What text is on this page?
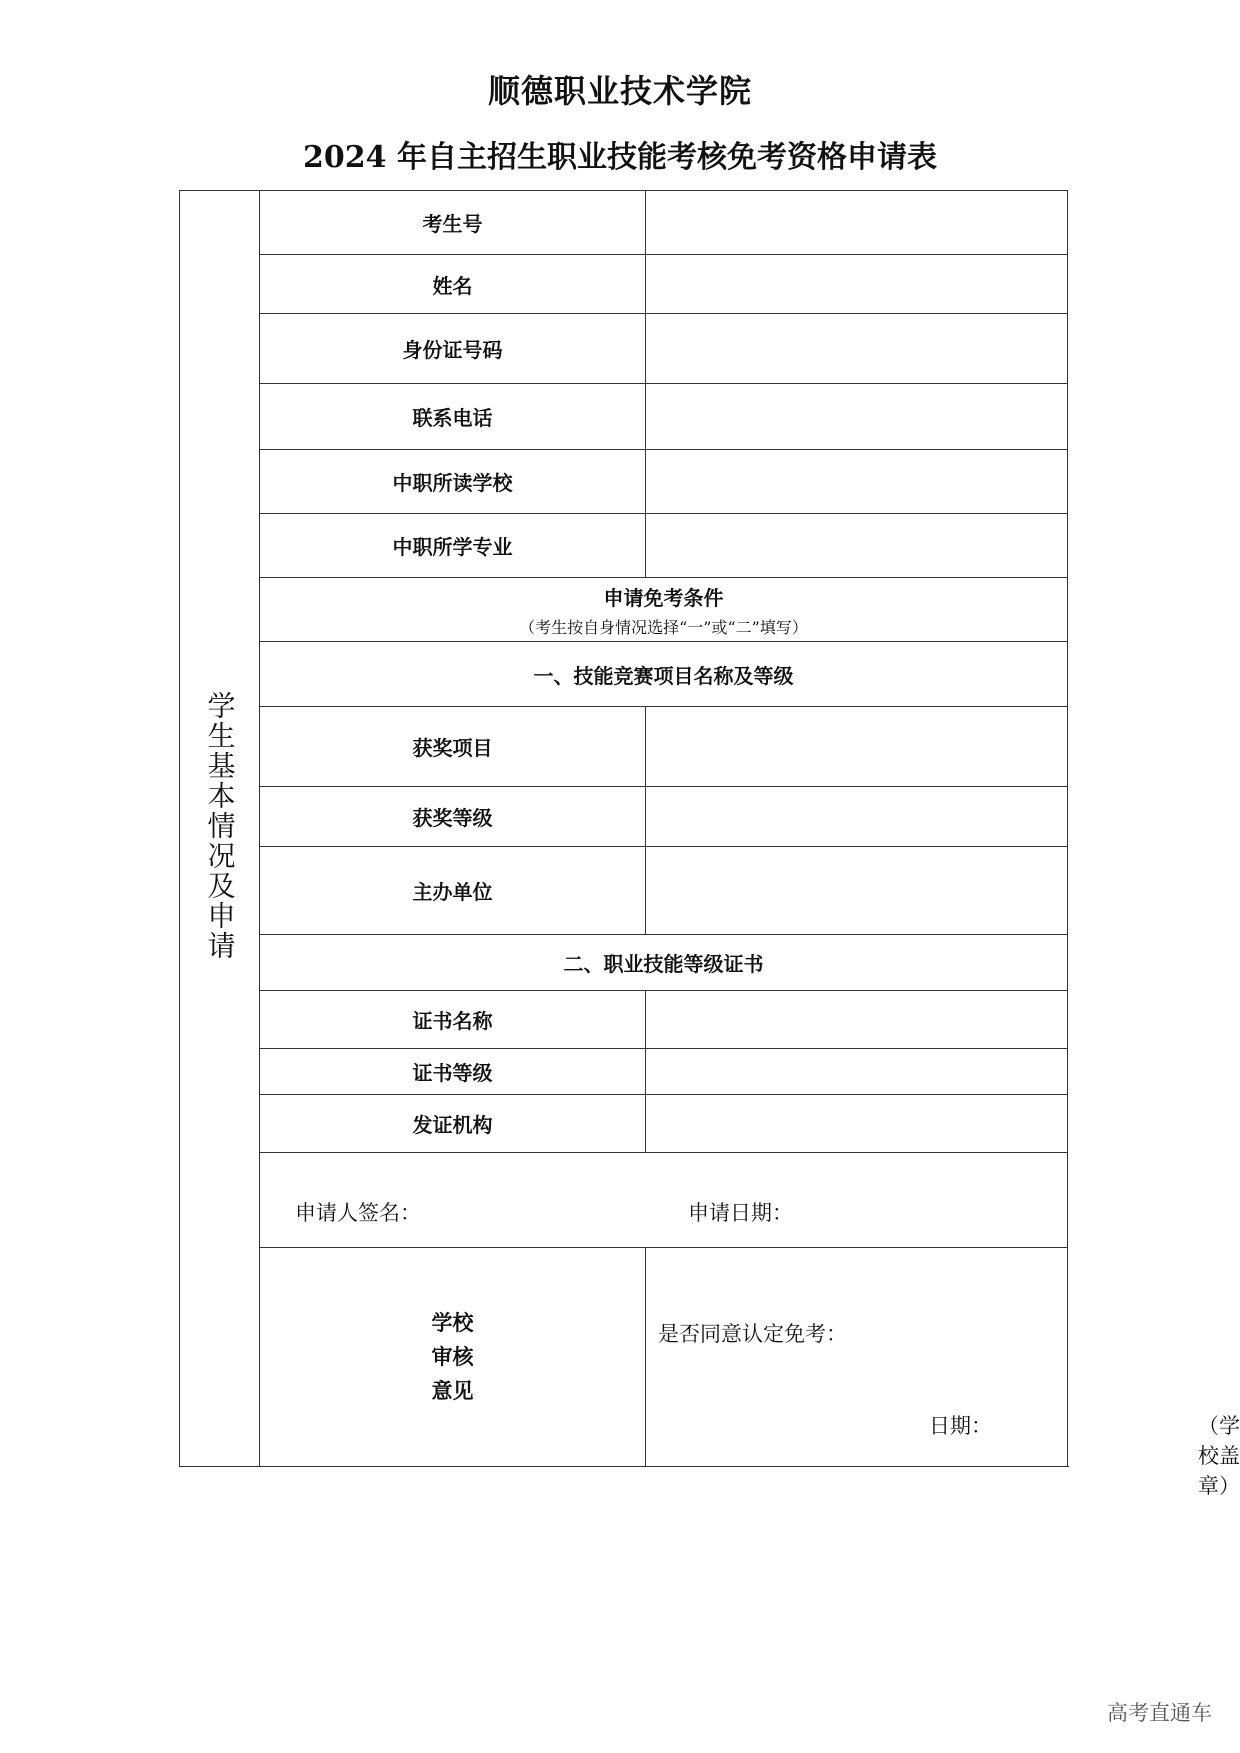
顺德职业技术学院
2024 年自主招生职业技能考核免考资格申请表
学生基本情况及申请	考生号	
	姓名	
	身份证号码	
	联系电话	
	中职所读学校	
	中职所学专业	
	申请免考条件
（考生按自身情况选择“一”或“二”填写）	

	一、技能竞赛项目名称及等级	
	获奖项目	
	获奖等级	
	主办单位	
	二、职业技能等级证书	
	证书名称	
	证书等级	
	发证机构	

	申请人签名： 申请日期：	

	学校审核意见	是否同意认定免考：
日期： （学校盖章）
高考直通车
